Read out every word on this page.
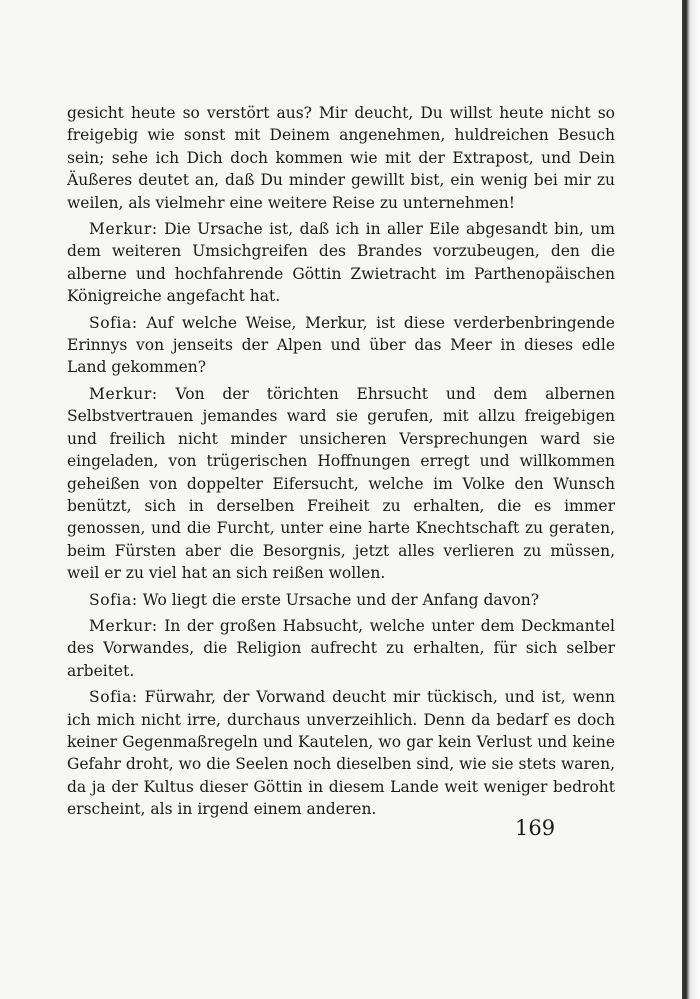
gesicht heute so verstört aus? Mir deucht, Du willst heute nicht so freigebig wie sonst mit Deinem angenehmen, huldreichen Besuch sein; sehe ich Dich doch kommen wie mit der Extrapost, und Dein Äußeres deutet an, daß Du minder gewillt bist, ein wenig bei mir zu weilen, als vielmehr eine weitere Reise zu unternehmen!

Merkur: Die Ursache ist, daß ich in aller Eile abgesandt bin, um dem weiteren Umsichgreifen des Brandes vorzubeugen, den die alberne und hochfahrende Göttin Zwietracht im Parthenopäischen Königreiche angefacht hat.

Sofia: Auf welche Weise, Merkur, ist diese verderbenbringende Erinnys von jenseits der Alpen und über das Meer in dieses edle Land gekommen?

Merkur: Von der törichten Ehrsucht und dem albernen Selbstvertrauen jemandes ward sie gerufen, mit allzu freigebigen und freilich nicht minder unsicheren Versprechungen ward sie eingeladen, von trügerischen Hoffnungen erregt und willkommen geheißen von doppelter Eifersucht, welche im Volke den Wunsch benützt, sich in derselben Freiheit zu erhalten, die es immer genossen, und die Furcht, unter eine harte Knechtschaft zu geraten, beim Fürsten aber die Besorgnis, jetzt alles verlieren zu müssen, weil er zu viel hat an sich reißen wollen.

Sofia: Wo liegt die erste Ursache und der Anfang davon?

Merkur: In der großen Habsucht, welche unter dem Deckmantel des Vorwandes, die Religion aufrecht zu erhalten, für sich selber arbeitet.

Sofia: Fürwahr, der Vorwand deucht mir tückisch, und ist, wenn ich mich nicht irre, durchaus unverzeihlich. Denn da bedarf es doch keiner Gegenmaßregeln und Kautelen, wo gar kein Verlust und keine Gefahr droht, wo die Seelen noch dieselben sind, wie sie stets waren, da ja der Kultus dieser Göttin in diesem Lande weit weniger bedroht erscheint, als in irgend einem anderen.

169
